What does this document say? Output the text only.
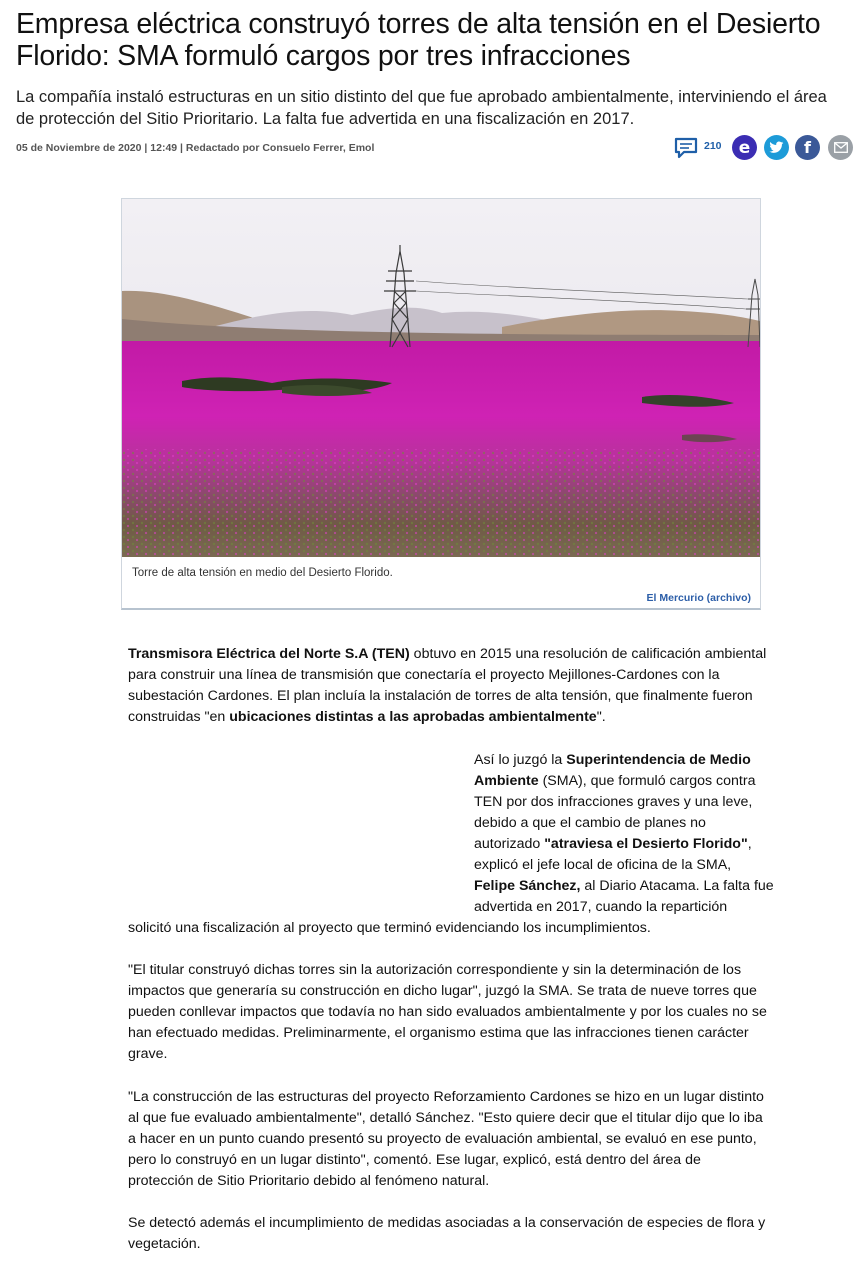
Empresa eléctrica construyó torres de alta tensión en el Desierto Florido: SMA formuló cargos por tres infracciones

La compañía instaló estructuras en un sitio distinto del que fue aprobado ambientalmente, interviniendo el área de protección del Sitio Prioritario. La falta fue advertida en una fiscalización en 2017.

05 de Noviembre de 2020 | 12:49 | Redactado por Consuelo Ferrer, Emol	210 e	f
Torre de alta tensión en medio del Desierto Florido.
El Mercurio (archivo)

Transmisora Eléctrica del Norte S.A (TEN) obtuvo en 2015 una resolución de calificación ambiental para construir una línea de transmisión que conectaría el proyecto Mejillones-Cardones con la subestación Cardones. El plan incluía la instalación de torres de alta tensión, que finalmente fueron construidas "en ubicaciones distintas a las aprobadas ambientalmente".

Así lo juzgó la Superintendencia de Medio Ambiente (SMA), que formuló cargos contra TEN por dos infracciones graves y una leve, debido a que el cambio de planes no autorizado "atraviesa el Desierto Florido", explicó el jefe local de oficina de la SMA, Felipe Sánchez, al Diario Atacama. La falta fue advertida en 2017, cuando la repartición

solicitó una fiscalización al proyecto que terminó evidenciando los incumplimientos.

"El titular construyó dichas torres sin la autorización correspondiente y sin la determinación de los impactos que generaría su construcción en dicho lugar", juzgó la SMA. Se trata de nueve torres que pueden conllevar impactos que todavía no han sido evaluados ambientalmente y por los cuales no se han efectuado medidas. Preliminarmente, el organismo estima que las infracciones tienen carácter grave.

"La construcción de las estructuras del proyecto Reforzamiento Cardones se hizo en un lugar distinto al que fue evaluado ambientalmente", detalló Sánchez. "Esto quiere decir que el titular dijo que lo iba a hacer en un punto cuando presentó su proyecto de evaluación ambiental, se evaluó en ese punto, pero lo construyó en un lugar distinto", comentó. Ese lugar, explicó, está dentro del área de protección de Sitio Prioritario debido al fenómeno natural.

Se detectó además el incumplimiento de medidas asociadas a la conservación de especies de flora y vegetación.
